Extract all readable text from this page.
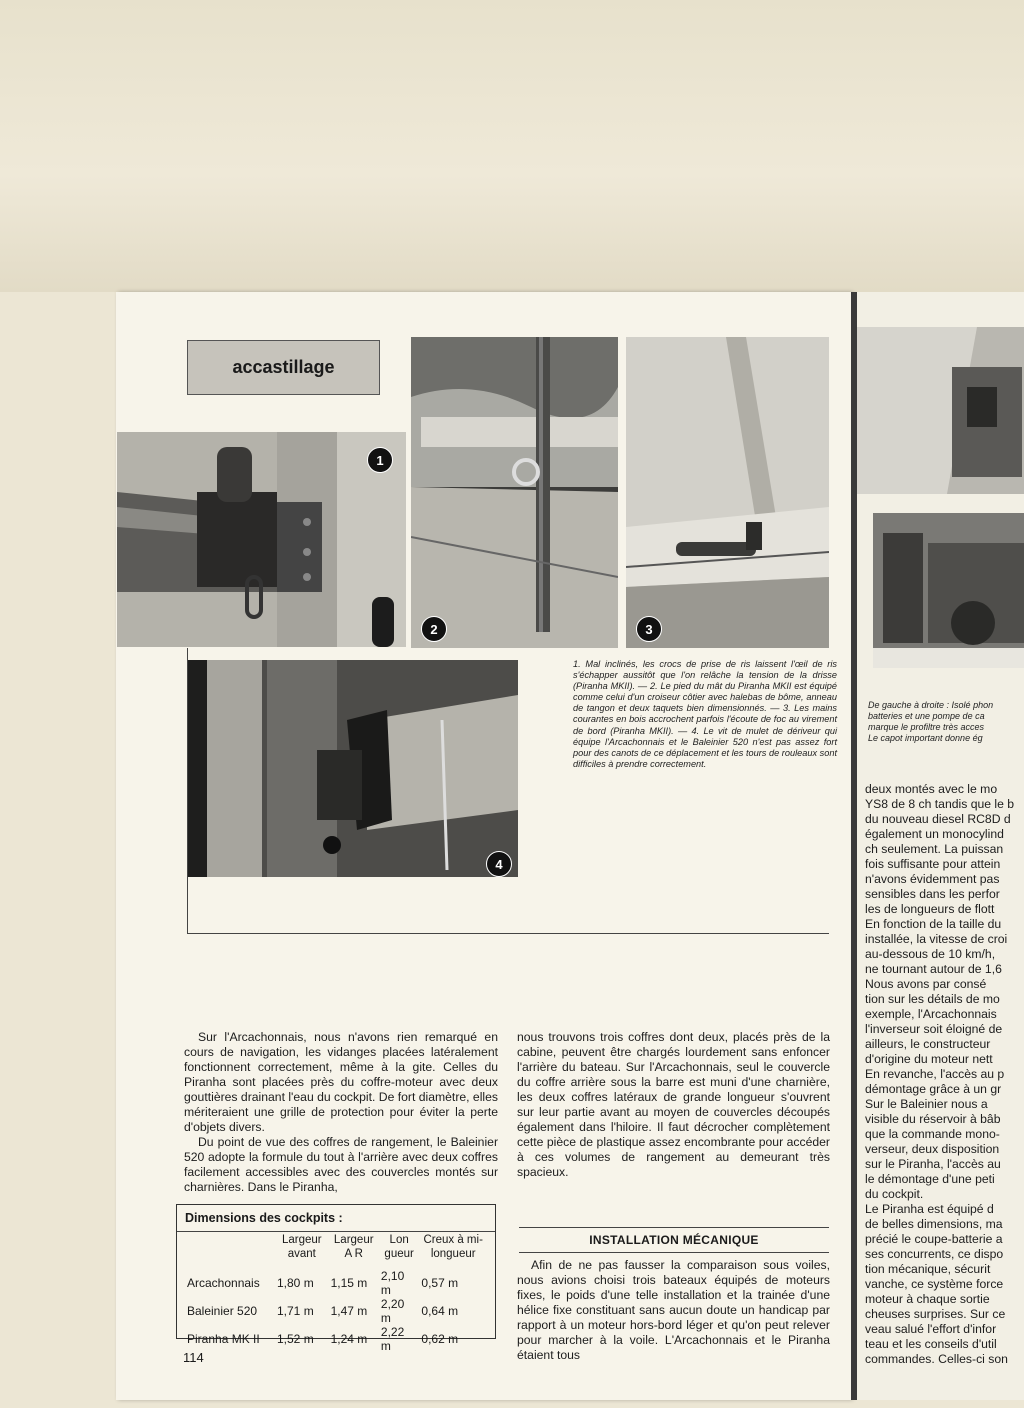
accastillage
1
2	3
4
1. Mal inclinés, les crocs de prise de ris laissent l'œil de ris s'échapper aussitôt que l'on relâche la tension de la drisse (Piranha MKII). — 2. Le pied du mât du Piranha MKII est équipé comme celui d'un croiseur côtier avec halebas de bôme, anneau de tangon et deux taquets bien dimensionnés. — 3. Les mains courantes en bois accrochent parfois l'écoute de foc au virement de bord (Piranha MKII). — 4. Le vit de mulet de dériveur qui équipe l'Arcachonnais et le Baleinier 520 n'est pas assez fort pour des canots de ce déplacement et les tours de rouleaux sont difficiles à prendre correctement.

Sur l'Arcachonnais, nous n'avons rien remarqué en cours de navigation, les vidanges placées latéralement fonctionnent correctement, même à la gite. Celles du Piranha sont placées près du coffre-moteur avec deux gouttières drainant l'eau du cockpit. De fort diamètre, elles mériteraient une grille de protection pour éviter la perte d'objets divers.

Du point de vue des coffres de rangement, le Baleinier 520 adopte la formule du tout à l'arrière avec deux coffres facilement accessibles avec des couvercles montés sur charnières. Dans le Piranha,

nous trouvons trois coffres dont deux, placés près de la cabine, peuvent être chargés lourdement sans enfoncer l'arrière du bateau. Sur l'Arcachonnais, seul le couvercle du coffre arrière sous la barre est muni d'une charnière, les deux coffres latéraux de grande longueur s'ouvrent sur leur partie avant au moyen de couvercles découpés également dans l'hiloire. Il faut décrocher complètement cette pièce de plastique assez encombrante pour accéder à ces volumes de rangement au demeurant très spacieux.

INSTALLATION MÉCANIQUE

Afin de ne pas fausser la comparaison sous voiles, nous avions choisi trois bateaux équipés de moteurs fixes, le poids d'une telle installation et la trainée d'une hélice fixe constituant sans aucun doute un handicap par rapport à un moteur hors-bord léger et qu'on peut relever pour marcher à la voile. L'Arcachonnais et le Piranha étaient tous

Dimensions des cockpits :
	Largeur avant	Largeur A R	Lon gueur	Creux à mi-longueur

Arcachonnais	1,80 m	1,15 m	2,10 m	0,57 m
Baleinier 520	1,71 m	1,47 m	2,20 m	0,64 m
Piranha MK II	1,52 m	1,24 m	2,22 m	0,62 m
114
De gauche à droite : Isolé phon
batteries et une pompe de ca
marque le profiltre très acces
Le capot important donne ég
deux montés avec le mo
YS8 de 8 ch tandis que le b
du nouveau diesel RC8D d
également un monocylind
ch seulement. La puissan
fois suffisante pour attein
n'avons évidemment pas
sensibles dans les perfor
les de longueurs de flott
En fonction de la taille du
installée, la vitesse de croi
au-dessous de 10 km/h,
ne tournant autour de 1,6
Nous avons par consé
tion sur les détails de mo
exemple, l'Arcachonnais
l'inverseur soit éloigné de
ailleurs, le constructeur
d'origine du moteur nett
En revanche, l'accès au p
démontage grâce à un gr
Sur le Baleinier nous a
visible du réservoir à bâb
que la commande mono-
verseur, deux disposition
sur le Piranha, l'accès au
le démontage d'une peti
du cockpit.
Le Piranha est équipé d
de belles dimensions, ma
précié le coupe-batterie a
ses concurrents, ce dispo
tion mécanique, sécurit
vanche, ce système force
moteur à chaque sortie
cheuses surprises. Sur ce
veau salué l'effort d'infor
teau et les conseils d'util
commandes. Celles-ci son
